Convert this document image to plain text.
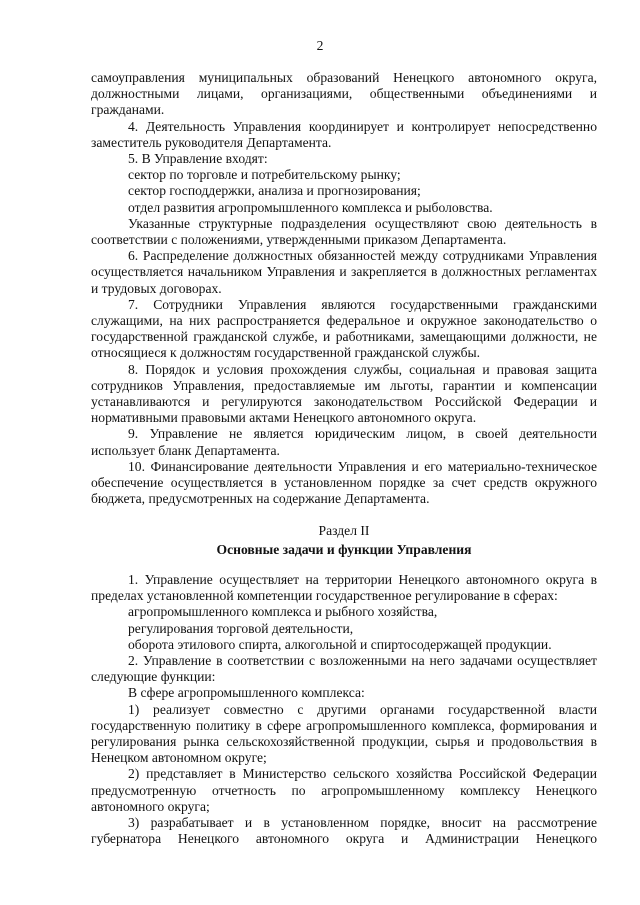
2

самоуправления муниципальных образований Ненецкого автономного округа, должностными лицами, организациями, общественными объединениями и гражданами.

4. Деятельность Управления координирует и контролирует непосредственно заместитель руководителя Департамента.

5. В Управление входят:

сектор по торговле и потребительскому рынку;

сектор господдержки, анализа и прогнозирования;

отдел развития агропромышленного комплекса и рыболовства.

Указанные структурные подразделения осуществляют свою деятельность в соответствии с положениями, утвержденными приказом Департамента.

6. Распределение должностных обязанностей между сотрудниками Управления осуществляется начальником Управления и закрепляется в должностных регламентах и трудовых договорах.

7. Сотрудники Управления являются государственными гражданскими служащими, на них распространяется федеральное и окружное законодательство о государственной гражданской службе, и работниками, замещающими должности, не относящиеся к должностям государственной гражданской службы.

8. Порядок и условия прохождения службы, социальная и правовая защита сотрудников Управления, предоставляемые им льготы, гарантии и компенсации устанавливаются и регулируются законодательством Российской Федерации и нормативными правовыми актами Ненецкого автономного округа.

9. Управление не является юридическим лицом, в своей деятельности использует бланк Департамента.

10. Финансирование деятельности Управления и его материально-техническое обеспечение осуществляется в установленном порядке за счет средств окружного бюджета, предусмотренных на содержание Департамента.

Раздел II

Основные задачи и функции Управления

1. Управление осуществляет на территории Ненецкого автономного округа в пределах установленной компетенции государственное регулирование в сферах:

агропромышленного комплекса и рыбного хозяйства,

регулирования торговой деятельности,

оборота этилового спирта, алкогольной и спиртосодержащей продукции.

2. Управление в соответствии с возложенными на него задачами осуществляет следующие функции:

В сфере агропромышленного комплекса:

1) реализует совместно с другими органами государственной власти государственную политику в сфере агропромышленного комплекса, формирования и регулирования рынка сельскохозяйственной продукции, сырья и продовольствия в Ненецком автономном округе;

2) представляет в Министерство сельского хозяйства Российской Федерации предусмотренную отчетность по агропромышленному комплексу Ненецкого автономного округа;

3) разрабатывает и в установленном порядке, вносит на рассмотрение губернатора Ненецкого автономного округа и Администрации Ненецкого
